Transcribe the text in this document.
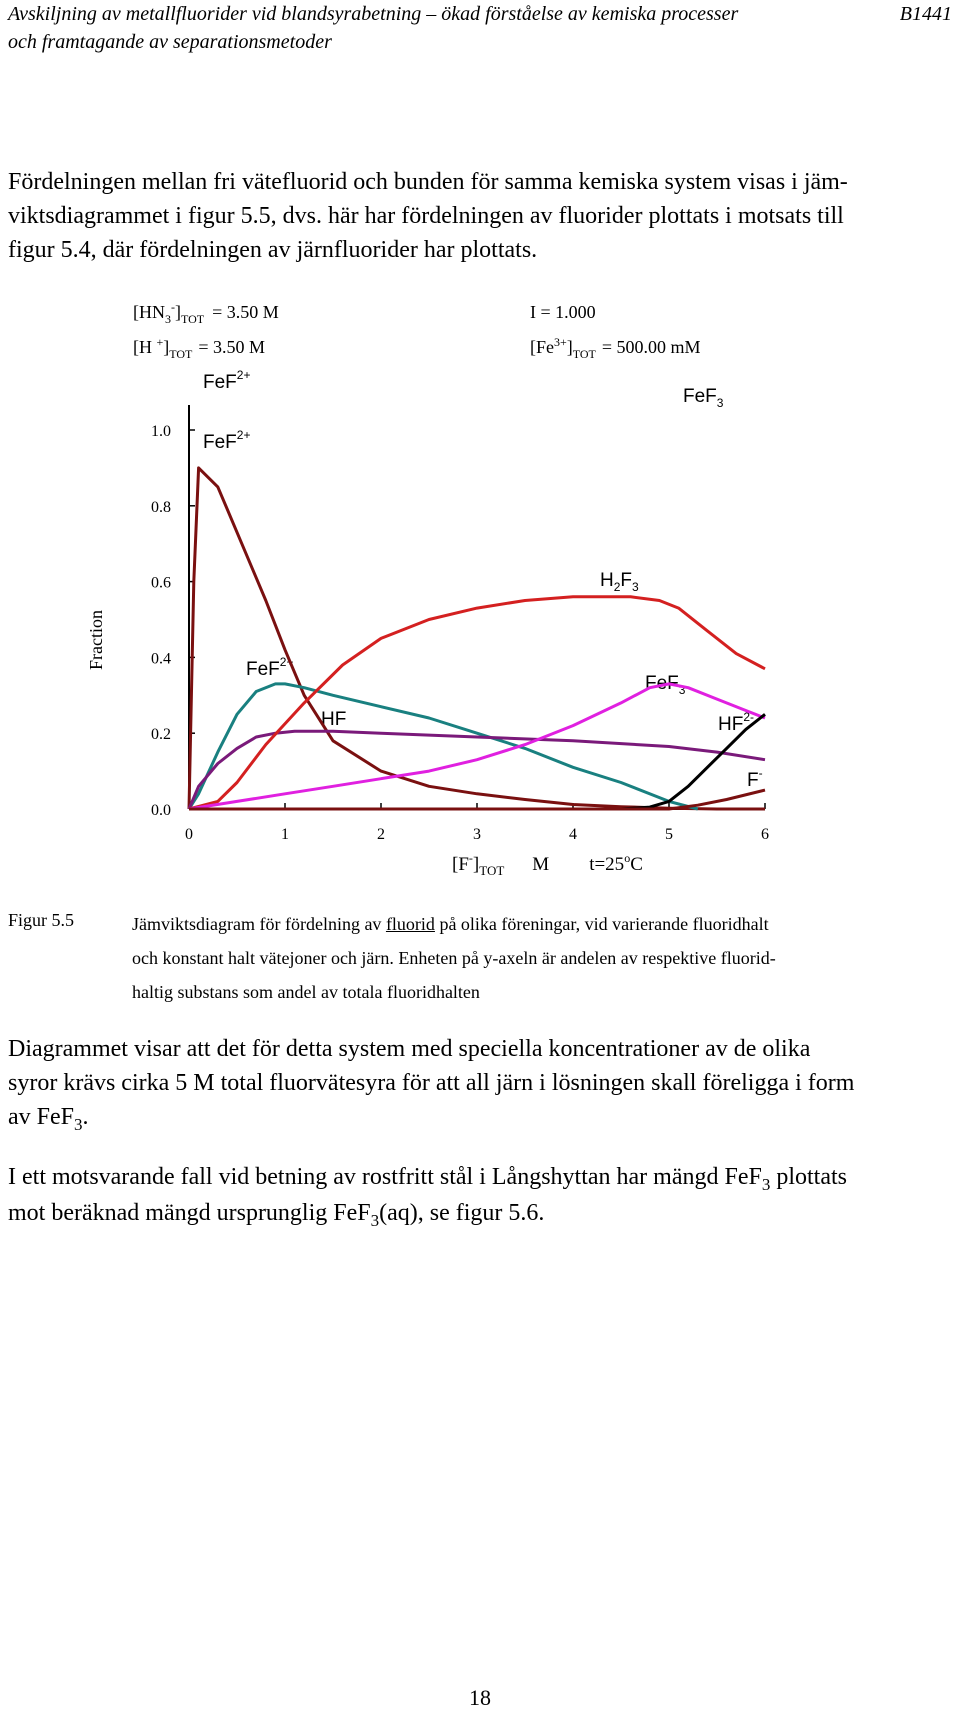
Avskiljning av metallfluorider vid blandsyrabetning – ökad förståelse av kemiska processer
och framtagande av separationsmetoder
B1441
Fördelningen mellan fri vätefluorid och bunden för samma kemiska system visas i jäm-
viktsdiagrammet i figur 5.5, dvs. här har fördelningen av fluorider plottats i motsats till
figur 5.4, där fördelningen av järnfluorider har plottats.
$[HN_3^-]_{TOT} = 3.50$ M
[H $^+]_{TOT} = 3.50$ M
I = 1.000
$[Fe^{3+}]_{TOT} = 500.00$ mM
FeF$^{2+}$
FeF$_3$
FeF$^{2+}$
$H_2F_3$
FeF$^{2+}$
FeF$_3$
HF	$HF^{2-}$
F-
Fraction
0.0
0.2
0.4
0.6
0.8
1.0
0	1	2	3	4	5	6
$[F^-]_{TOT}$ M $t=25^oC$
Figur 5.5	Jämviktsdiagram för fördelning av fluorid på olika föreningar, vid varierande fluoridhalt
och konstant halt vätejoner och järn. Enheten på y-axeln är andelen av respektive fluorid-
haltig substans som andel av totala fluoridhalten
Diagrammet visar att det för detta system med speciella koncentrationer av de olika
syror krävs cirka 5 M total fluorvätesyra för att all järn i lösningen skall föreligga i form
av FeF$_3$.
I ett motsvarande fall vid betning av rostfritt stål i Långshyttan har mängd FeF$_3$ plottats
mot beräknad mängd ursprunglig FeF$_3$(aq), se figur 5.6.
18
